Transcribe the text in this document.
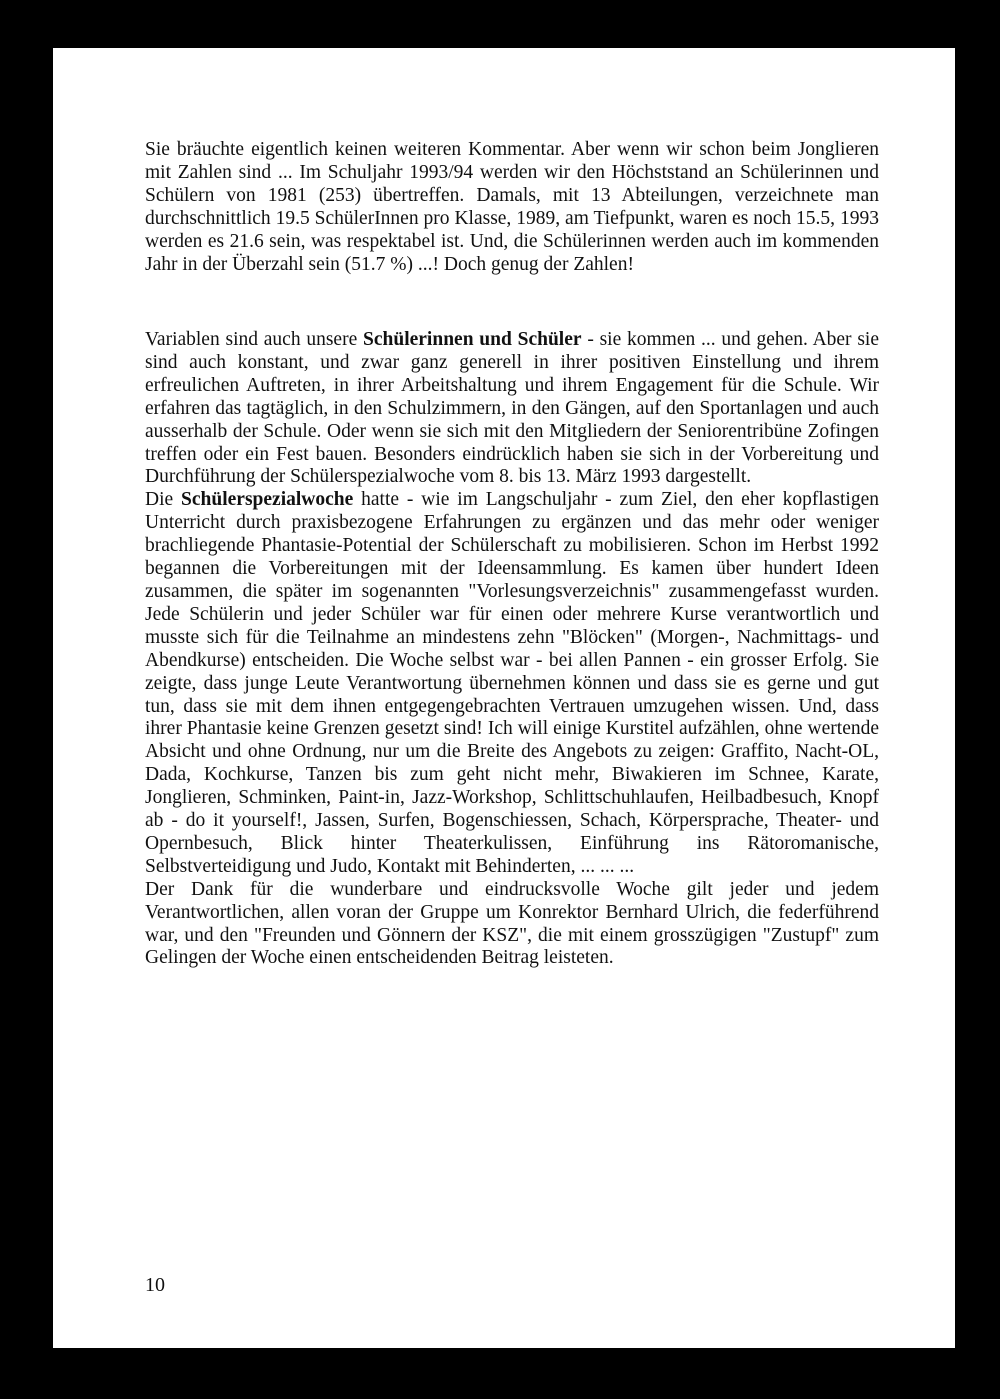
Sie bräuchte eigentlich keinen weiteren Kommentar. Aber wenn wir schon beim Jonglieren mit Zahlen sind ... Im Schuljahr 1993/94 werden wir den Höchststand an Schülerinnen und Schülern von 1981 (253) übertreffen. Damals, mit 13 Abteilungen, verzeichnete man durchschnittlich 19.5 SchülerInnen pro Klasse, 1989, am Tiefpunkt, waren es noch 15.5, 1993 werden es 21.6 sein, was respektabel ist. Und, die Schülerinnen werden auch im kommenden Jahr in der Überzahl sein (51.7 %) ...! Doch genug der Zahlen!

Variablen sind auch unsere Schülerinnen und Schüler - sie kommen ... und gehen. Aber sie sind auch konstant, und zwar ganz generell in ihrer positiven Einstellung und ihrem erfreulichen Auftreten, in ihrer Arbeitshaltung und ihrem Engagement für die Schule. Wir erfahren das tagtäglich, in den Schulzimmern, in den Gängen, auf den Sportanlagen und auch ausserhalb der Schule. Oder wenn sie sich mit den Mitgliedern der Seniorentribüne Zofingen treffen oder ein Fest bauen. Besonders eindrücklich haben sie sich in der Vorbereitung und Durchführung der Schülerspezialwoche vom 8. bis 13. März 1993 dargestellt.

Die Schülerspezialwoche hatte - wie im Langschuljahr - zum Ziel, den eher kopflastigen Unterricht durch praxisbezogene Erfahrungen zu ergänzen und das mehr oder weniger brachliegende Phantasie-Potential der Schülerschaft zu mobilisieren. Schon im Herbst 1992 begannen die Vorbereitungen mit der Ideensammlung. Es kamen über hundert Ideen zusammen, die später im sogenannten "Vorlesungsverzeichnis" zusammengefasst wurden. Jede Schülerin und jeder Schüler war für einen oder mehrere Kurse verantwortlich und musste sich für die Teilnahme an mindestens zehn "Blöcken" (Morgen-, Nachmittags- und Abendkurse) entscheiden. Die Woche selbst war - bei allen Pannen - ein grosser Erfolg. Sie zeigte, dass junge Leute Verantwortung übernehmen können und dass sie es gerne und gut tun, dass sie mit dem ihnen entgegengebrachten Vertrauen umzugehen wissen. Und, dass ihrer Phantasie keine Grenzen gesetzt sind! Ich will einige Kurstitel aufzählen, ohne wertende Absicht und ohne Ordnung, nur um die Breite des Angebots zu zeigen: Graffito, Nacht-OL, Dada, Kochkurse, Tanzen bis zum geht nicht mehr, Biwakieren im Schnee, Karate, Jonglieren, Schminken, Paint-in, Jazz-Workshop, Schlittschuhlaufen, Heilbadbesuch, Knopf ab - do it yourself!, Jassen, Surfen, Bogenschiessen, Schach, Körpersprache, Theater- und Opernbesuch, Blick hinter Theaterkulissen, Einführung ins Rätoromanische, Selbstverteidigung und Judo, Kontakt mit Behinderten, ... ... ...

Der Dank für die wunderbare und eindrucksvolle Woche gilt jeder und jedem Verantwortlichen, allen voran der Gruppe um Konrektor Bernhard Ulrich, die federführend war, und den "Freunden und Gönnern der KSZ", die mit einem grosszügigen "Zustupf" zum Gelingen der Woche einen entscheidenden Beitrag leisteten.

10
